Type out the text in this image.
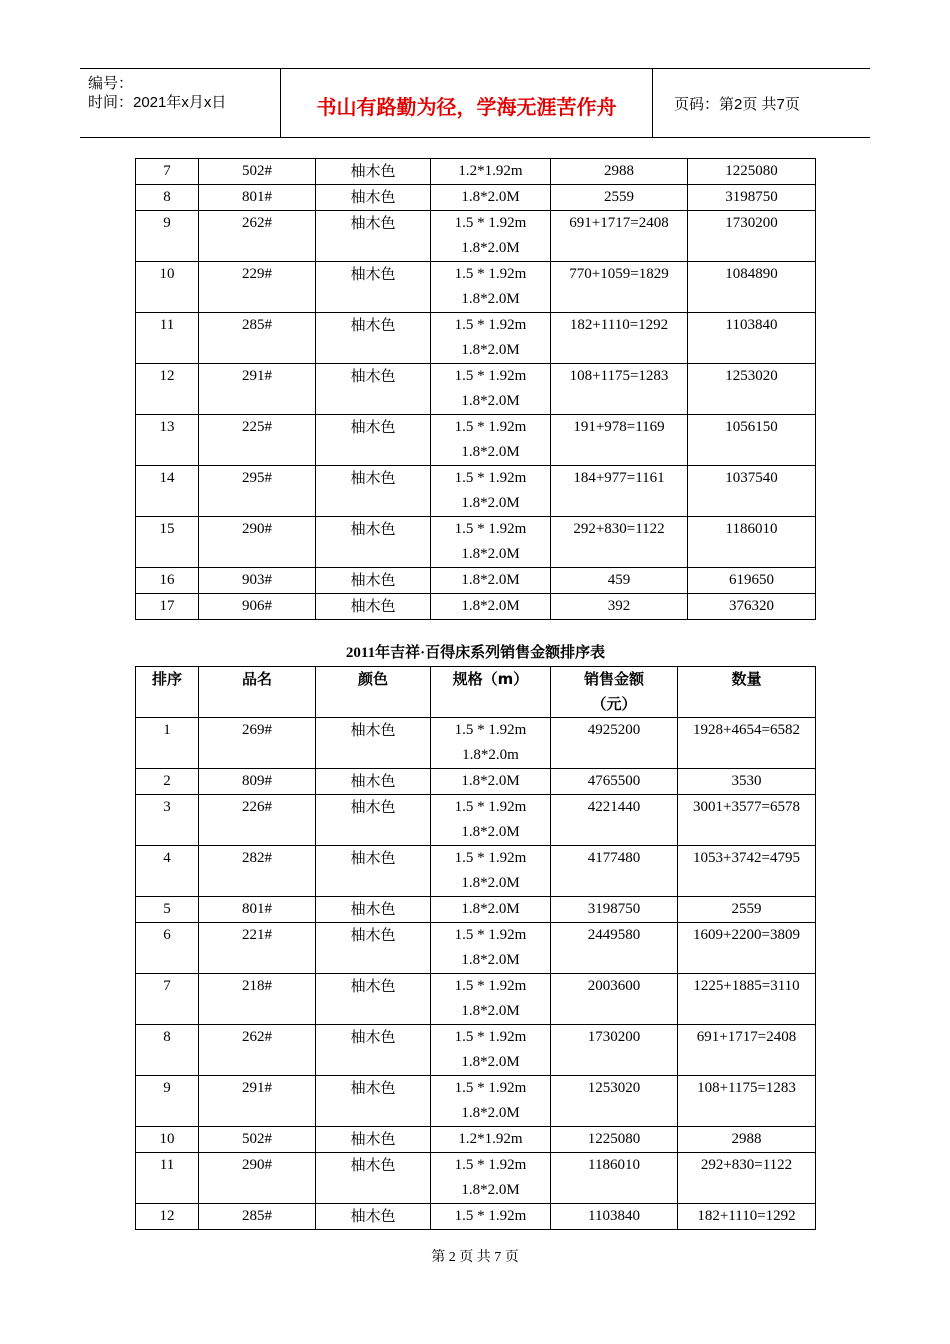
编号：
时间：2021年x月x日	书山有路勤为径，学海无涯苦作舟	页码：第2页 共7页
7	502#	柚木色	1.2*1.92m	2988	1225080
8	801#	柚木色	1.8*2.0M	2559	3198750
9	262#	柚木色	1.5 * 1.92m
1.8*2.0M	691+1717=2408	1730200
10	229#	柚木色	1.5 * 1.92m
1.8*2.0M	770+1059=1829	1084890
11	285#	柚木色	1.5 * 1.92m
1.8*2.0M	182+1110=1292	1103840
12	291#	柚木色	1.5 * 1.92m
1.8*2.0M	108+1175=1283	1253020
13	225#	柚木色	1.5 * 1.92m
1.8*2.0M	191+978=1169	1056150
14	295#	柚木色	1.5 * 1.92m
1.8*2.0M	184+977=1161	1037540
15	290#	柚木色	1.5 * 1.92m
1.8*2.0M	292+830=1122	1186010
16	903#	柚木色	1.8*2.0M	459	619650
17	906#	柚木色	1.8*2.0M	392	376320
2011年吉祥·百得床系列销售金额排序表
排序	品名	颜色	规格（m）	销售金额
（元）	数量
1	269#	柚木色	1.5 * 1.92m
1.8*2.0m	4925200	1928+4654=6582
2	809#	柚木色	1.8*2.0M	4765500	3530
3	226#	柚木色	1.5 * 1.92m
1.8*2.0M	4221440	3001+3577=6578
4	282#	柚木色	1.5 * 1.92m
1.8*2.0M	4177480	1053+3742=4795
5	801#	柚木色	1.8*2.0M	3198750	2559
6	221#	柚木色	1.5 * 1.92m
1.8*2.0M	2449580	1609+2200=3809
7	218#	柚木色	1.5 * 1.92m
1.8*2.0M	2003600	1225+1885=3110
8	262#	柚木色	1.5 * 1.92m
1.8*2.0M	1730200	691+1717=2408
9	291#	柚木色	1.5 * 1.92m
1.8*2.0M	1253020	108+1175=1283
10	502#	柚木色	1.2*1.92m	1225080	2988
11	290#	柚木色	1.5 * 1.92m
1.8*2.0M	1186010	292+830=1122
12	285#	柚木色	1.5 * 1.92m	1103840	182+1110=1292
第 2 页 共 7 页
